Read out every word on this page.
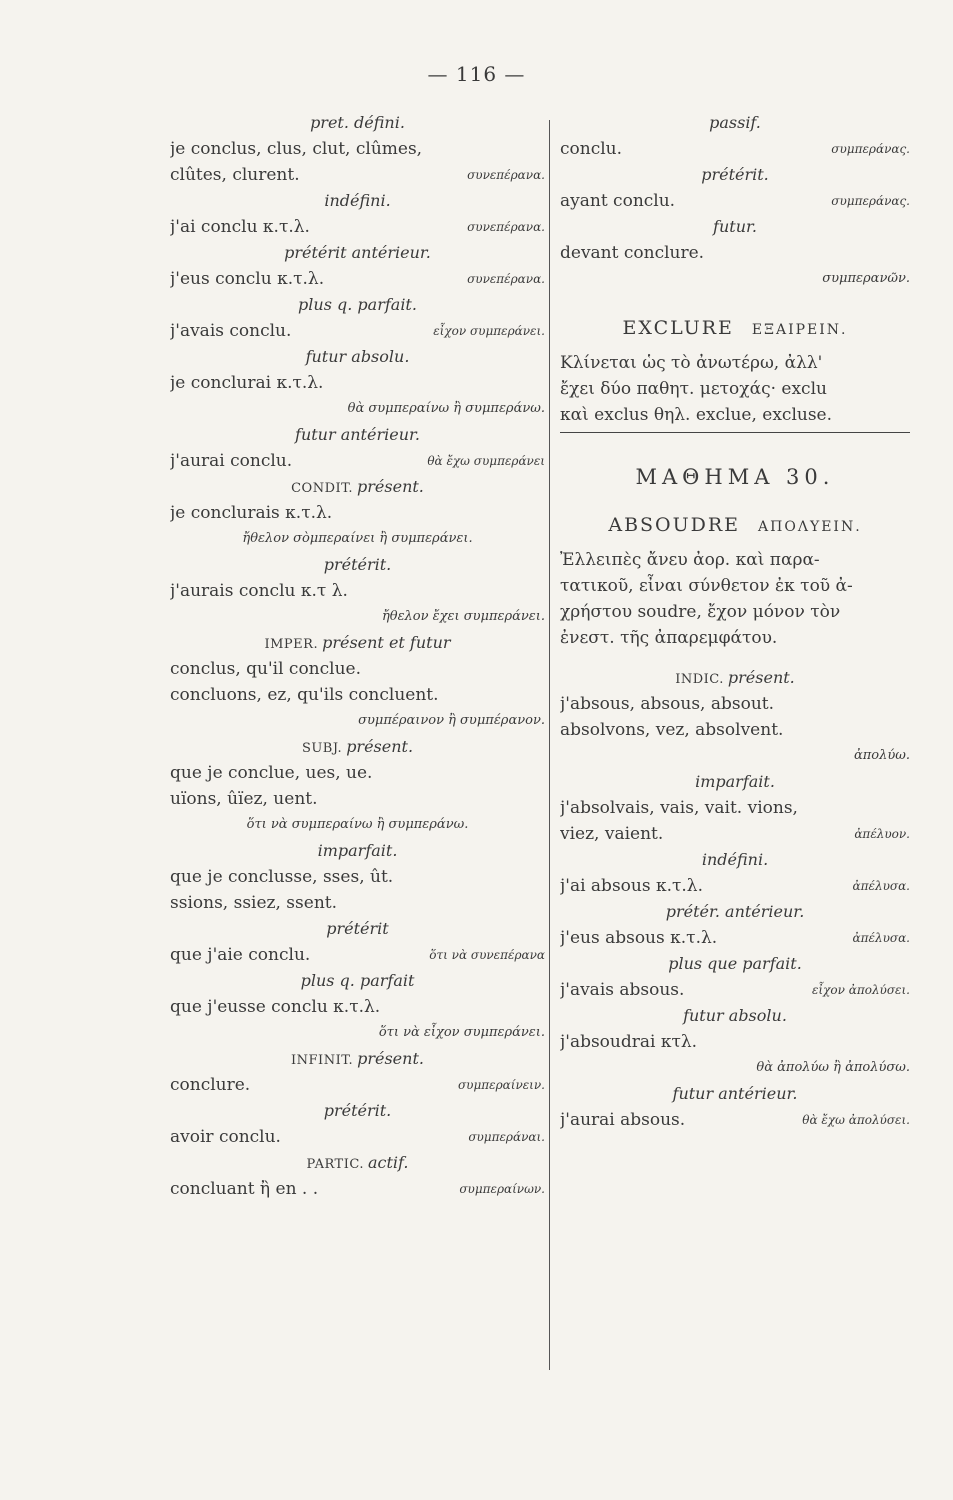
— 116 —
pret. défini.
je conclus, clus, clut, clûmes,
clûtes, clurent.	συνεπέρανα.
indéfini.
j'ai conclu κ.τ.λ.	συνεπέρανα.
prétérit antérieur.
j'eus conclu κ.τ.λ.	συνεπέρανα.
plus q. parfait.
j'avais conclu.	εἶχον συμπεράνει.
futur absolu.
je conclurai κ.τ.λ.
θὰ συμπεραίνω ἢ συμπεράνω.
futur antérieur.
j'aurai conclu.	θὰ ἔχω συμπεράνει
CONDIT. présent.
je conclurais κ.τ.λ.
ἤθελον σὸμπεραίνει ἢ συμπεράνει.
prétérit.
j'aurais conclu κ.τ λ.
ἤθελον ἔχει συμπεράνει.
IMPER. présent et futur
conclus, qu'il conclue.
concluons, ez, qu'ils concluent.
συμπέραινον ἢ συμπέρανον.
SUBJ. présent.
que je conclue, ues, ue.
uïons, ûïez, uent.
ὅτι νὰ συμπεραίνω ἢ συμπεράνω.
imparfait.
que je conclusse, sses, ût.
ssions, ssiez, ssent.
prétérit
que j'aie conclu.	ὅτι νὰ συνεπέρανα
plus q. parfait
que j'eusse conclu κ.τ.λ.
ὅτι νὰ εἶχον συμπεράνει.
INFINIT. présent.
conclure.	συμπεραίνειν.
prétérit.
avoir conclu.	συμπεράναι.
PARTIC. actif.
concluant ἢ en . .	συμπεραίνων.
passif.
conclu.	συμπεράνας.
prétérit.
ayant conclu.	συμπεράνας.
futur.
devant conclure.
συμπερανῶν.
EXCLURE ΕΞΑΙΡΕΙΝ.
Κλίνεται ὡς τὸ ἀνωτέρω, ἀλλ'
ἔχει δύο παθητ. μετοχάς· exclu
καὶ exclus θηλ. exclue, excluse.
ΜΑΘΗΜΑ 30.
ABSOUDRE ΑΠΟΛΥΕΙΝ.
Ἐλλειπὲς ἄνευ ἀορ. καὶ παρα-
τατικοῦ, εἶναι σύνθετον ἐκ τοῦ ἀ-
χρήστου soudre, ἔχον μόνον τὸν
ἐνεστ. τῆς ἀπαρεμφάτου.
INDIC. présent.
j'absous, absous, absout.
absolvons, vez, absolvent.
ἀπολύω.
imparfait.
j'absolvais, vais, vait. vions,
viez, vaient.	ἀπέλυον.
indéfini.
j'ai absous κ.τ.λ.	ἀπέλυσα.
prétér. antérieur.
j'eus absous κ.τ.λ.	ἀπέλυσα.
plus que parfait.
j'avais absous.	εἶχον ἀπολύσει.
futur absolu.
j'absoudrai κτλ.
θὰ ἀπολύω ἢ ἀπολύσω.
futur antérieur.
j'aurai absous.	θὰ ἔχω ἀπολύσει.
